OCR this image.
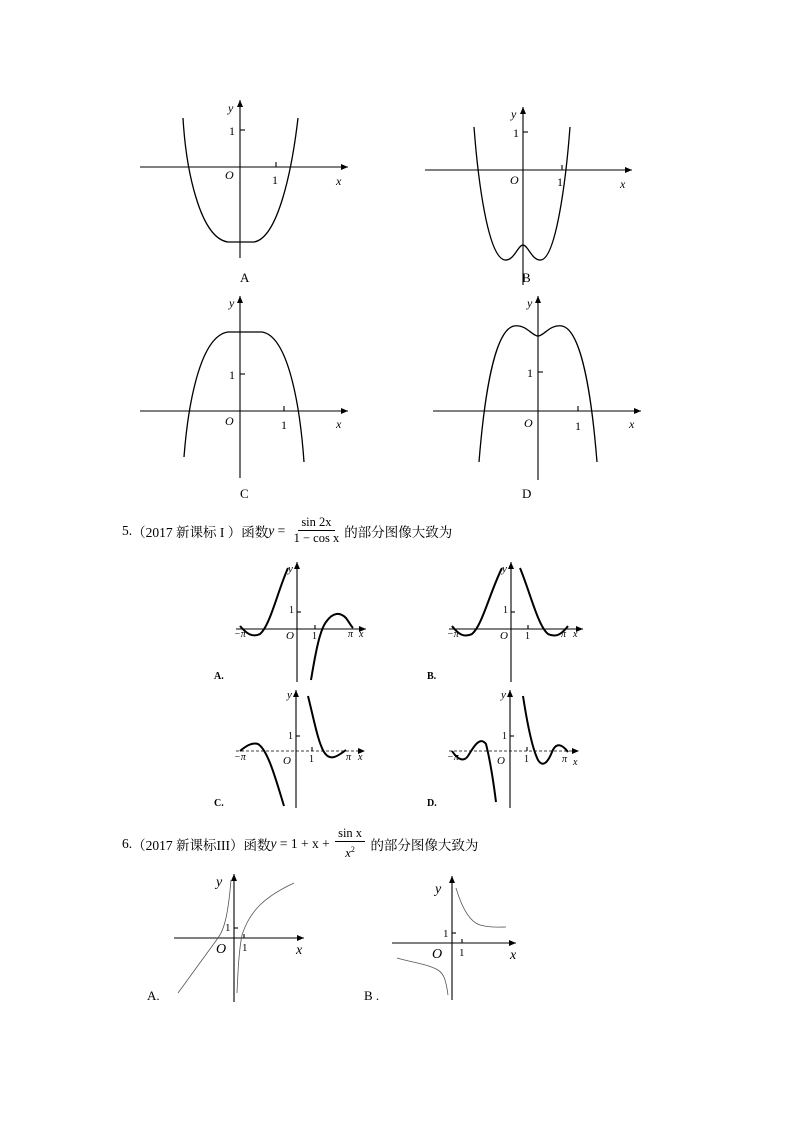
y
1
O	1	x
A
y
1
O	1	x
B
y
1
O	1	x
C
y
1
O	1	x
D
y
1
O 1
−π	π x
A.
y
1
O 1
−π	π x
B.
y
1
O 1
−π	π x
C.
y
1
O 1
−π	π x
D.
y
1
O 1	x
A.
y
1
O 1	x
B .
5 . （2017 新课标 I ）函数 $y = \frac{\sin 2x}{\text{1 − cos x}}$ 的部分图像大致为
6 . （2017 新课标III）函数 $y = 1 + x + \frac{\text{sin x}}{x^2}$ 的部分图像大致为
